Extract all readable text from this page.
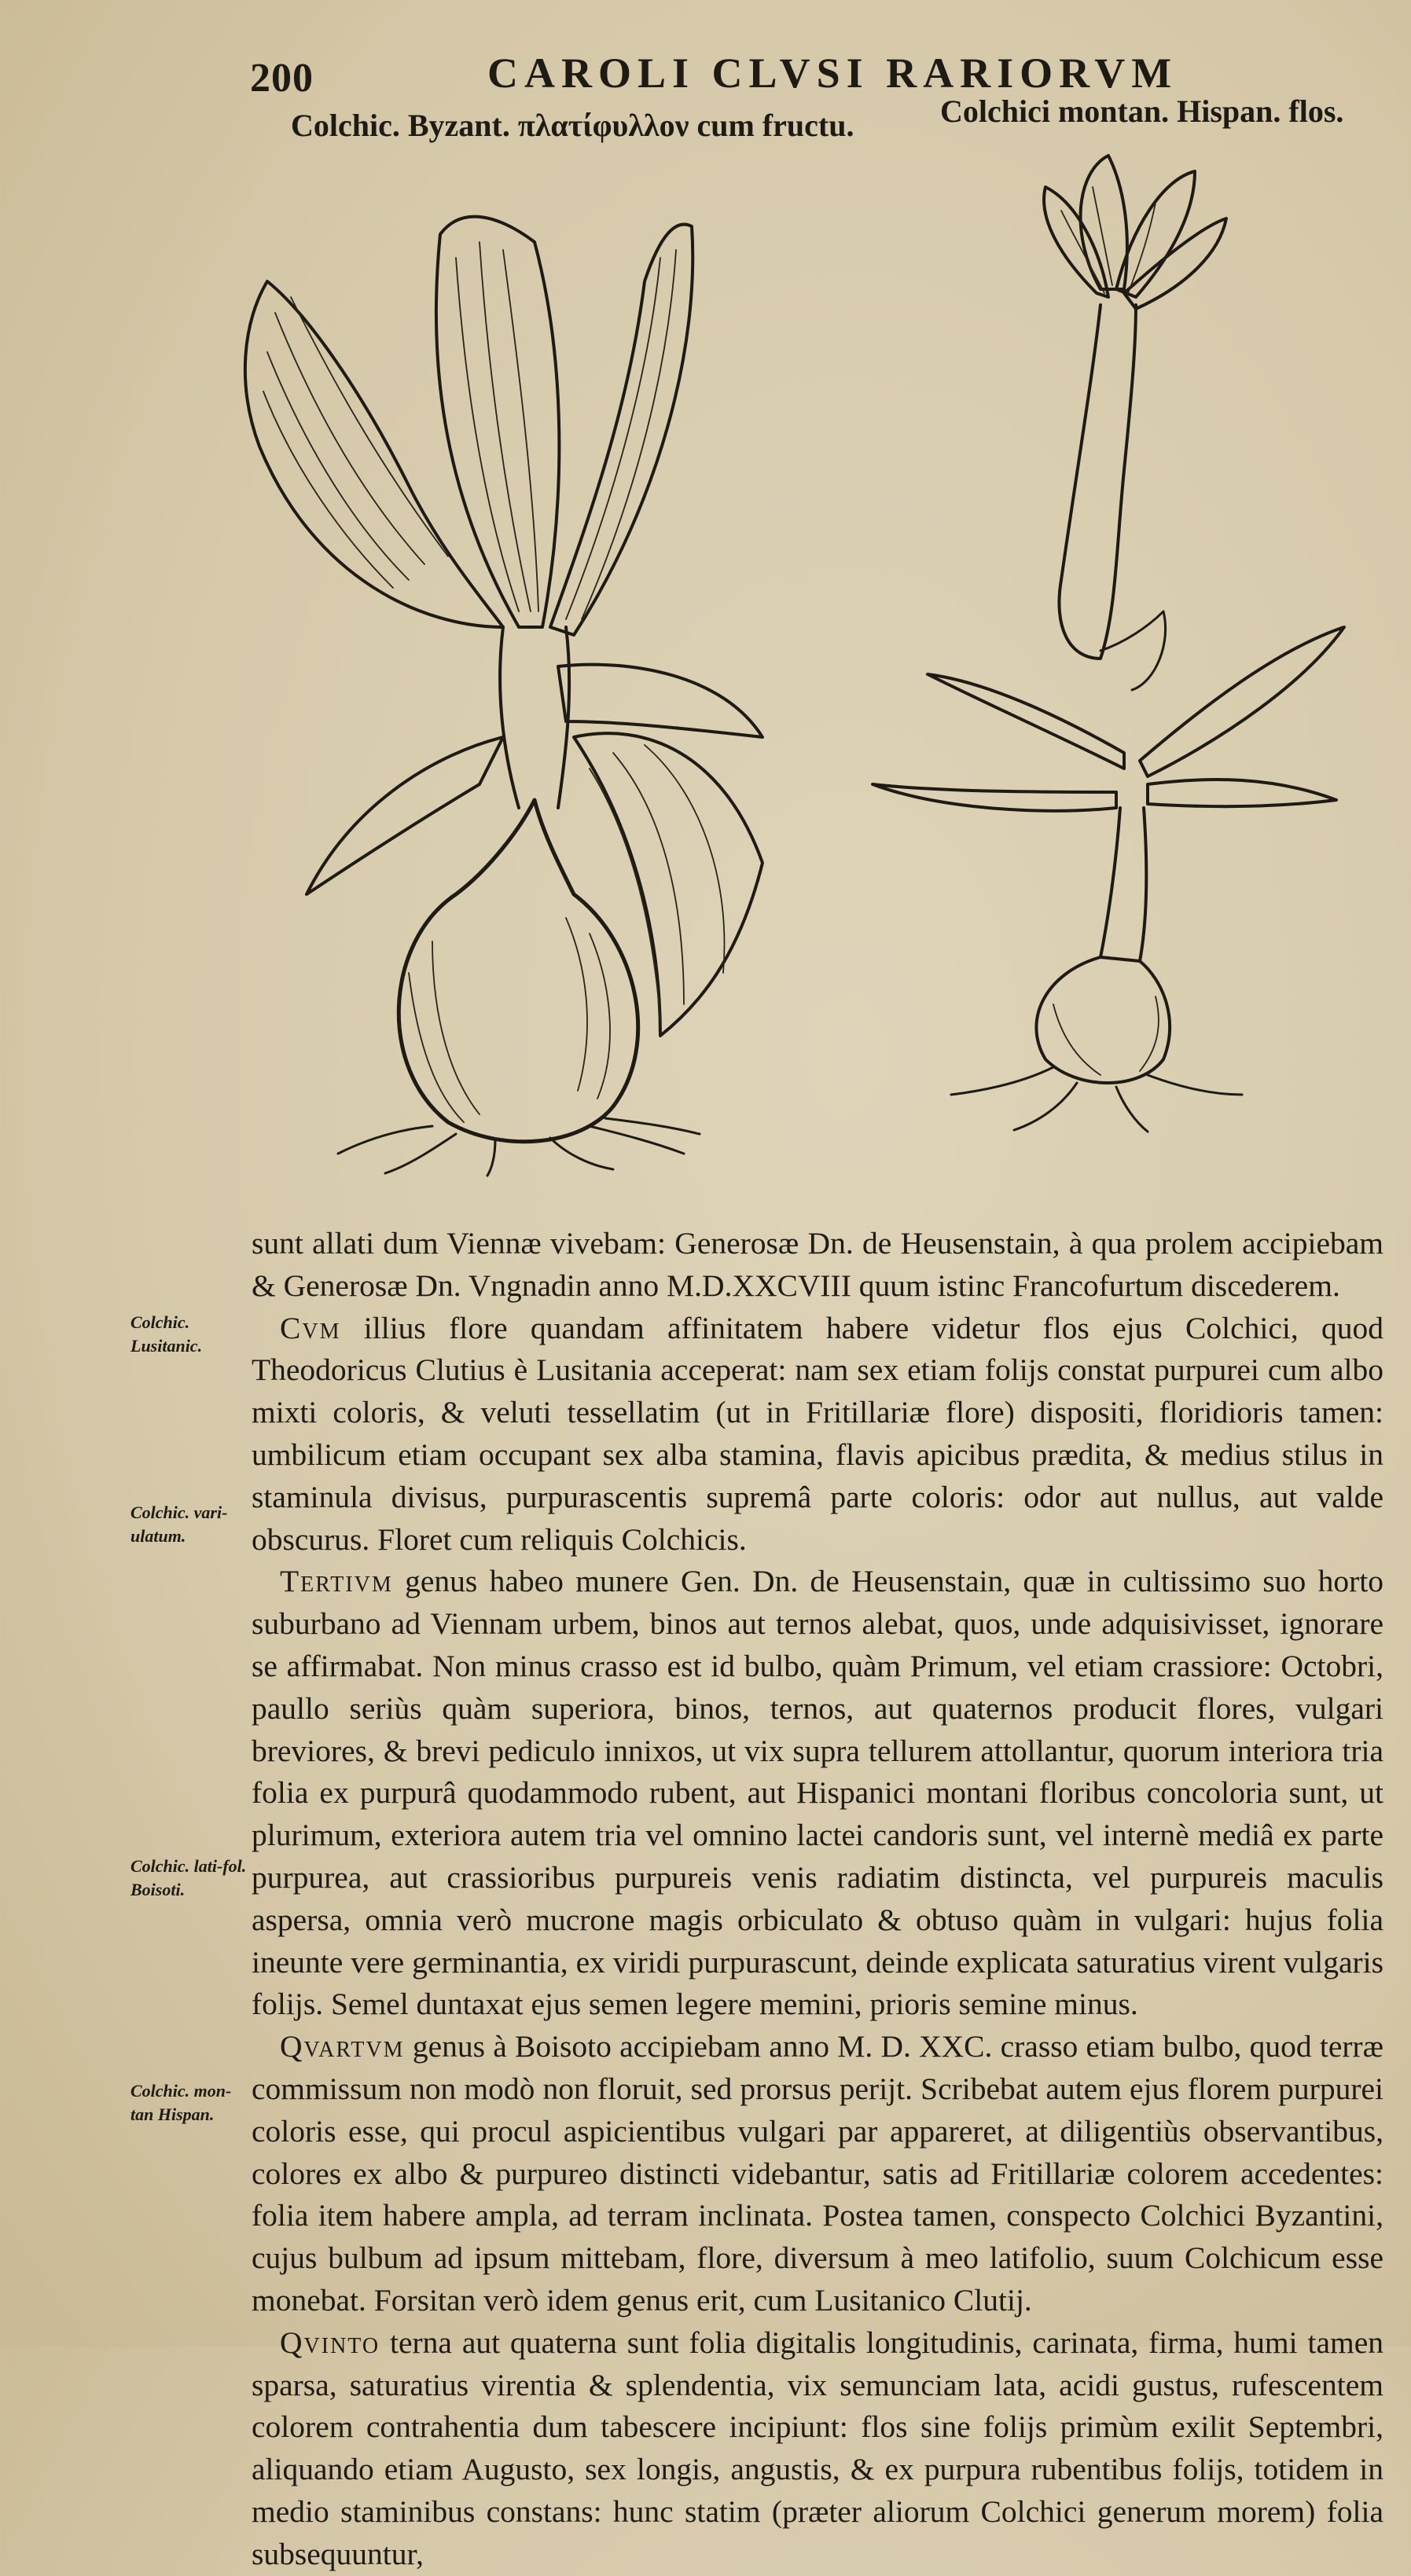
200	CAROLI CLVSI RARIORVM
Colchic. Byzant. πλατίφυλλον cum fructu.	Colchici montan. Hispan. flos.
Colchic. Lusitanic.
Colchic. vari-ulatum.
Colchic. lati-fol. Boisoti.
Colchic. mon-tan Hispan.

sunt allati dum Viennæ vivebam: Generosæ Dn. de Heusenstain, à qua prolem accipiebam & Generosæ Dn. Vngnadin anno M.D.XXCVIII quum istinc Francofurtum discederem.

Cvm illius flore quandam affinitatem habere videtur flos ejus Colchici, quod Theodoricus Clutius è Lusitania acceperat: nam sex etiam folijs constat purpurei cum albo mixti coloris, & veluti tessellatim (ut in Fritillariæ flore) dispositi, floridioris tamen: umbilicum etiam occupant sex alba stamina, flavis apicibus prædita, & medius stilus in staminula divisus, purpurascentis supremâ parte coloris: odor aut nullus, aut valde obscurus. Floret cum reliquis Colchicis.

Tertivm genus habeo munere Gen. Dn. de Heusenstain, quæ in cultissimo suo horto suburbano ad Viennam urbem, binos aut ternos alebat, quos, unde adquisivisset, ignorare se affirmabat. Non minus crasso est id bulbo, quàm Primum, vel etiam crassiore: Octobri, paullo seriùs quàm superiora, binos, ternos, aut quaternos producit flores, vulgari breviores, & brevi pediculo innixos, ut vix supra tellurem attollantur, quorum interiora tria folia ex purpurâ quodammodo rubent, aut Hispanici montani floribus concoloria sunt, ut plurimum, exteriora autem tria vel omnino lactei candoris sunt, vel internè mediâ ex parte purpurea, aut crassioribus purpureis venis radiatim distincta, vel purpureis maculis aspersa, omnia verò mucrone magis orbiculato & obtuso quàm in vulgari: hujus folia ineunte vere germinantia, ex viridi purpurascunt, deinde explicata saturatius virent vulgaris folijs. Semel duntaxat ejus semen legere memini, prioris semine minus.

Qvartvm genus à Boisoto accipiebam anno M. D. XXC. crasso etiam bulbo, quod terræ commissum non modò non floruit, sed prorsus perijt. Scribebat autem ejus florem purpurei coloris esse, qui procul aspicientibus vulgari par appareret, at diligentiùs observantibus, colores ex albo & purpureo distincti videbantur, satis ad Fritillariæ colorem accedentes: folia item habere ampla, ad terram inclinata. Postea tamen, conspecto Colchici Byzantini, cujus bulbum ad ipsum mittebam, flore, diversum à meo latifolio, suum Colchicum esse monebat. Forsitan verò idem genus erit, cum Lusitanico Clutij.

Qvinto terna aut quaterna sunt folia digitalis longitudinis, carinata, firma, humi tamen sparsa, saturatius virentia & splendentia, vix semunciam lata, acidi gustus, rufescentem colorem contrahentia dum tabescere incipiunt: flos sine folijs primùm exilit Septembri, aliquando etiam Augusto, sex longis, angustis, & ex purpura rubentibus folijs, totidem in medio staminibus constans: hunc statim (præter aliorum Colchici generum morem) folia subsequuntur,
